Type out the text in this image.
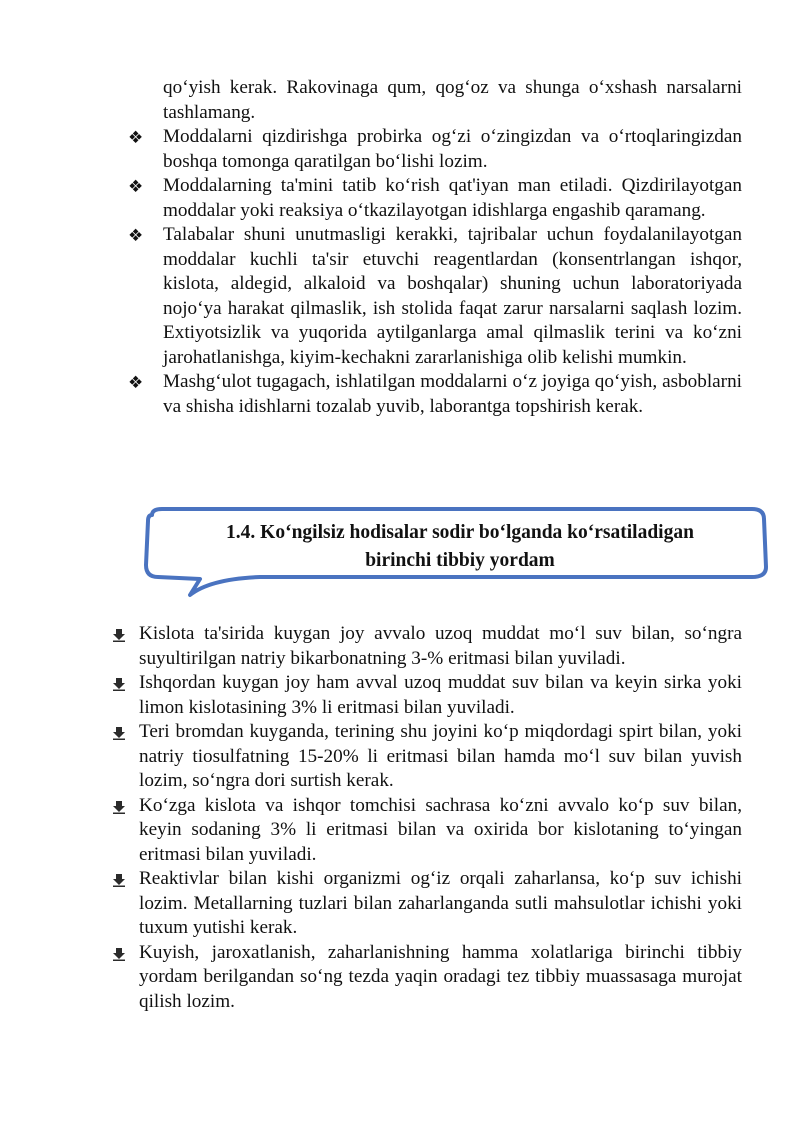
qo‘yish kerak. Rakovinaga qum, qog‘oz va shunga o‘xshash narsalarni tashlamang.
❖ Moddalarni qizdirishga probirka og‘zi o‘zingizdan va o‘rtoqlaringizdan boshqa tomonga qaratilgan bo‘lishi lozim.
❖ Moddalarning ta'mini tatib ko‘rish qat'iyan man etiladi. Qizdirilayotgan moddalar yoki reaksiya o‘tkazilayotgan idishlarga engashib qaramang.
❖ Talabalar shuni unutmasligi kerakki, tajribalar uchun foydalanilayotgan moddalar kuchli ta'sir etuvchi reagentlardan (konsentrlangan ishqor, kislota, aldegid, alkaloid va boshqalar) shuning uchun laboratoriyada nojo‘ya harakat qilmaslik, ish stolida faqat zarur narsalarni saqlash lozim. Extiyotsizlik va yuqorida aytilganlarga amal qilmaslik terini va ko‘zni jarohatlanishga, kiyim-kechakni zararlanishiga olib kelishi mumkin.
❖ Mashg‘ulot tugagach, ishlatilgan moddalarni o‘z joyiga qo‘yish, asboblarni va shisha idishlarni tozalab yuvib, laborantga topshirish kerak.
1.4. Ko‘ngilsiz hodisalar sodir bo‘lganda ko‘rsatiladigan
birinchi tibbiy yordam
Kislota ta'sirida kuygan joy avvalo uzoq muddat mo‘l suv bilan, so‘ngra suyultirilgan natriy bikarbonatning 3-% eritmasi bilan yuviladi.
Ishqordan kuygan joy ham avval uzoq muddat suv bilan va keyin sirka yoki limon kislotasining 3% li eritmasi bilan yuviladi.
Teri bromdan kuyganda, terining shu joyini ko‘p miqdordagi spirt bilan, yoki natriy tiosulfatning 15-20% li eritmasi bilan hamda mo‘l suv bilan yuvish lozim, so‘ngra dori surtish kerak.
Ko‘zga kislota va ishqor tomchisi sachrasa ko‘zni avvalo ko‘p suv bilan, keyin sodaning 3% li eritmasi bilan va oxirida bor kislotaning to‘yingan eritmasi bilan yuviladi.
Reaktivlar bilan kishi organizmi og‘iz orqali zaharlansa, ko‘p suv ichishi lozim. Metallarning tuzlari bilan zaharlanganda sutli mahsulotlar ichishi yoki tuxum yutishi kerak.
Kuyish, jaroxatlanish, zaharlanishning hamma xolatlariga birinchi tibbiy yordam berilgandan so‘ng tezda yaqin oradagi tez tibbiy muassasaga murojat qilish lozim.
